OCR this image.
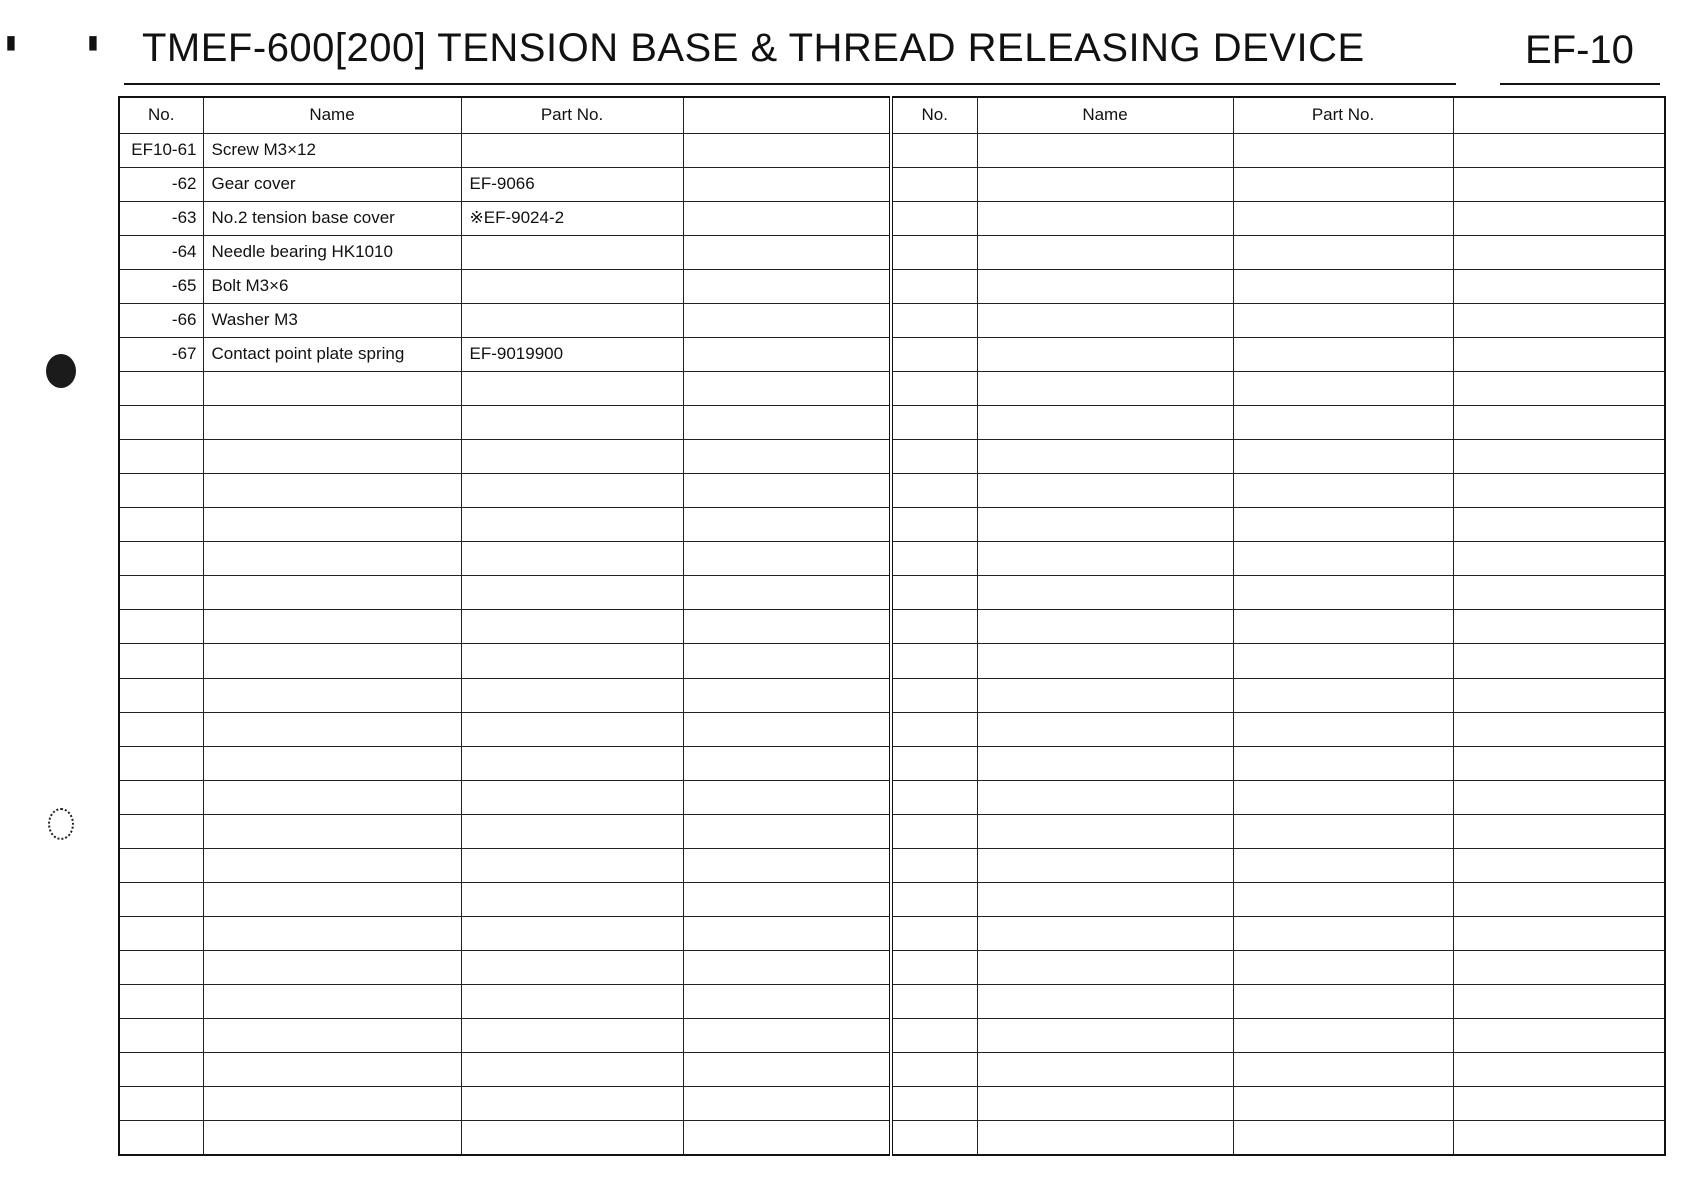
▮	▮ TMEF-600[200] TENSION BASE & THREAD RELEASING DEVICE	EF-10
No.	Name	Part No.		No.	Name	Part No.	
EF10-61	Screw M3×12						
-62	Gear cover	EF-9066					
-63	No.2 tension base cover	※EF-9024-2					
-64	Needle bearing HK1010						
-65	Bolt M3×6						
-66	Washer M3						
-67	Contact point plate spring	EF-9019900					
